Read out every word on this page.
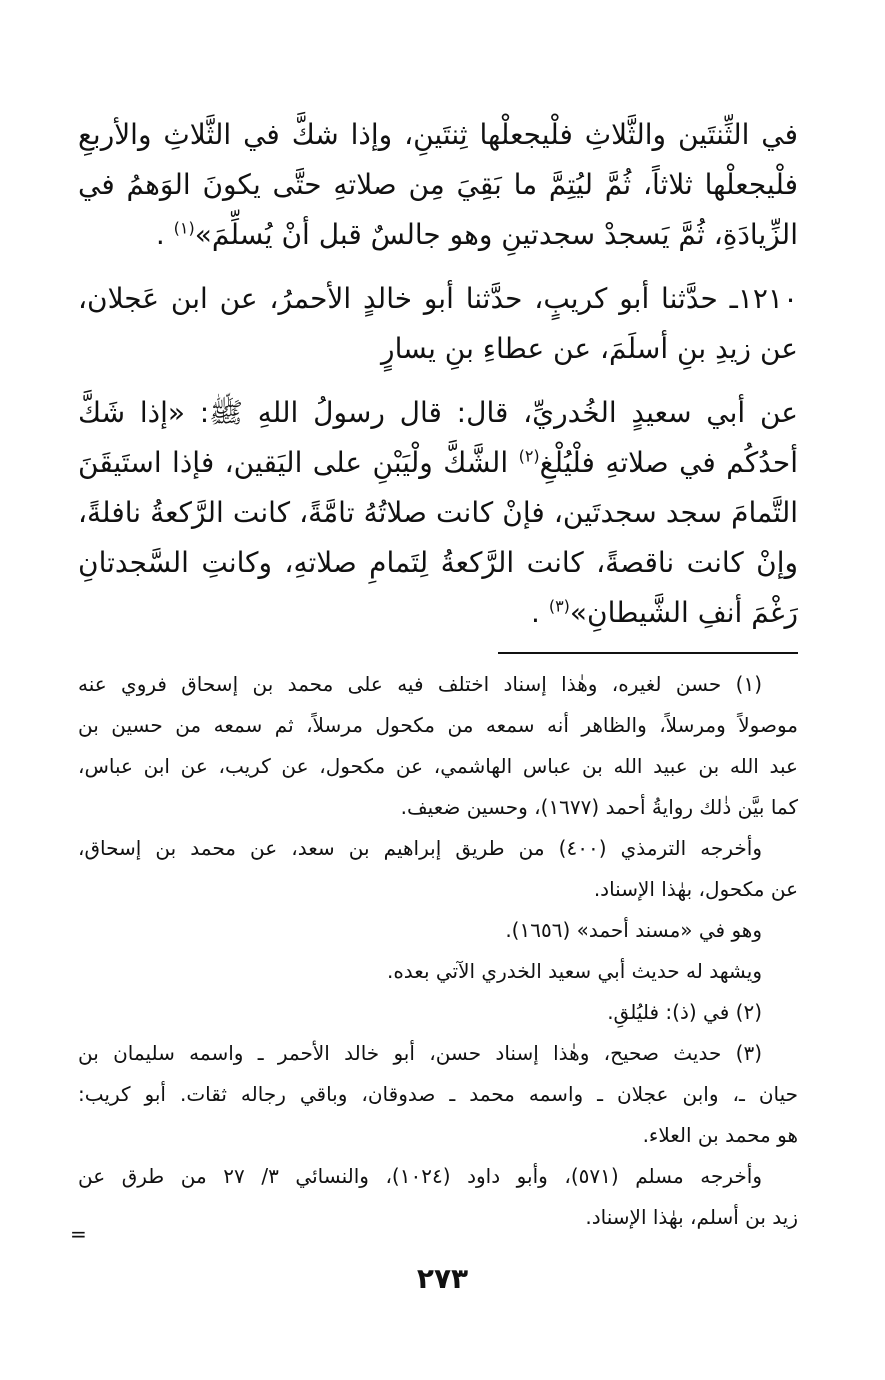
في الثِّنتَين والثَّلاثِ فلْيجعلْها ثِنتَينِ، وإذا شكَّ في الثَّلاثِ والأربعِ
فلْيجعلْها ثلاثاً، ثُمَّ ليُتِمَّ ما بَقِيَ مِن صلاتهِ حتَّى يكونَ الوَهمُ في
الزِّيادَةِ، ثُمَّ يَسجدْ سجدتينِ وهو جالسٌ قبل أنْ يُسلِّمَ»$^{(١)}$ .
١٢١٠ـ حدَّثنا أبو كريبٍ، حدَّثنا أبو خالدٍ الأحمرُ، عن ابن عَجلان،
عن زيدِ بنِ أسلَمَ، عن عطاءِ بنِ يسارٍ
عن أبي سعيدٍ الخُدريِّ، قال: قال رسولُ اللهِ ﷺ: «إذا شَكَّ
أحدُكُم في صلاتهِ فلْيُلْغِ$^{(٢)}$ الشَّكَّ ولْيَبْنِ على اليَقين، فإذا استَيقَنَ
التَّمامَ سجد سجدتَين، فإنْ كانت صلاتُهُ تامَّةً، كانت الرَّكعةُ نافلةً،
وإنْ كانت ناقصةً، كانت الرَّكعةُ لِتَمامِ صلاتهِ، وكانتِ السَّجدتانِ
رَغْمَ أنفِ الشَّيطانِ»$^{(٣)}$ .
(١) حسن لغيره، وهٰذا إسناد اختلف فيه على محمد بن إسحاق فروي عنه
موصولاً ومرسلاً، والظاهر أنه سمعه من مكحول مرسلاً، ثم سمعه من حسين بن
عبد الله بن عبيد الله بن عباس الهاشمي، عن مكحول، عن كريب، عن ابن عباس،
كما بيَّن ذٰلك روايةُ أحمد (١٦٧٧)، وحسين ضعيف.
وأخرجه الترمذي (٤٠٠) من طريق إبراهيم بن سعد، عن محمد بن إسحاق،
عن مكحول، بهٰذا الإسناد.
وهو في «مسند أحمد» (١٦٥٦).
ويشهد له حديث أبي سعيد الخدري الآتي بعده.
(٢) في (ذ): فليُلقِ.
(٣) حديث صحيح، وهٰذا إسناد حسن، أبو خالد الأحمر ـ واسمه سليمان بن
حيان ـ، وابن عجلان ـ واسمه محمد ـ صدوقان، وباقي رجاله ثقات. أبو كريب:
هو محمد بن العلاء.
وأخرجه مسلم (٥٧١)، وأبو داود (١٠٢٤)، والنسائي ٣/ ٢٧ من طرق عن
زيد بن أسلم، بهٰذا الإسناد.
=
٢٧٣
